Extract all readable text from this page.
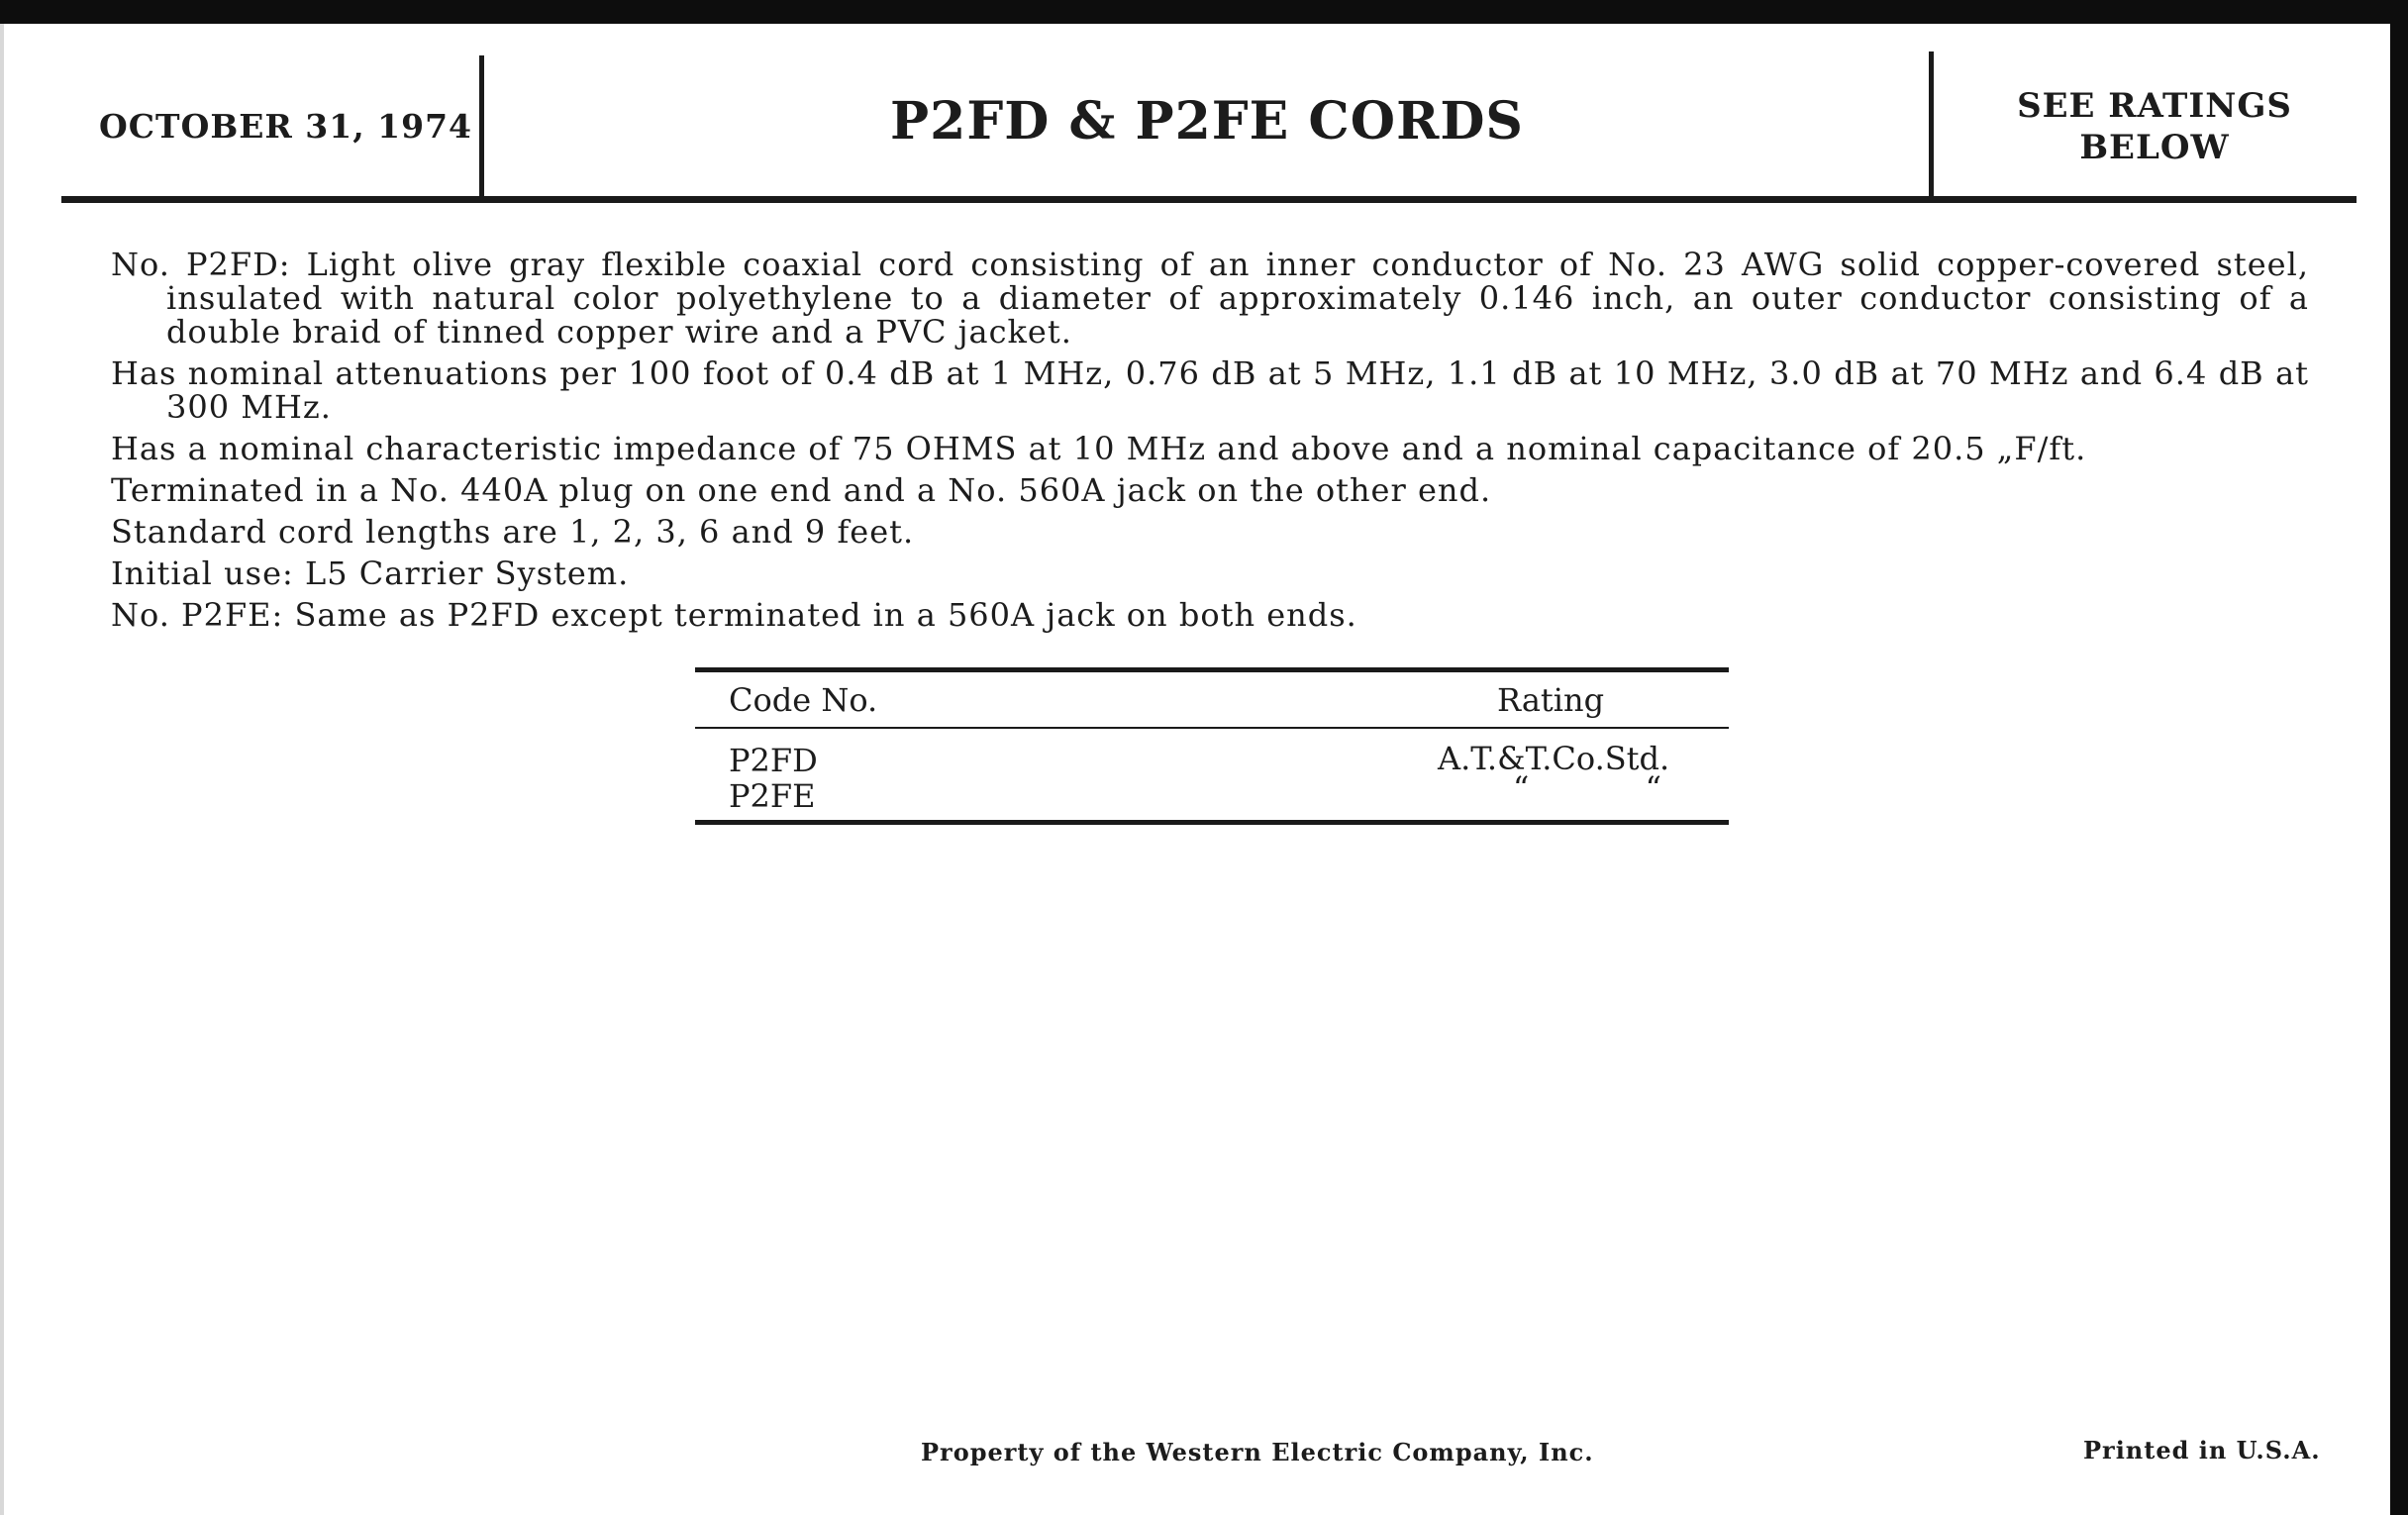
OCTOBER 31, 1974	P2FD & P2FE CORDS	SEE RATINGS
BELOW

No. P2FD: Light olive gray flexible coaxial cord consisting of an inner conductor of No. 23 AWG solid copper-covered steel, insulated with natural color polyethylene to a diameter of approximately 0.146 inch, an outer conductor consisting of a double braid of tinned copper wire and a PVC jacket.

Has nominal attenuations per 100 foot of 0.4 dB at 1 MHz, 0.76 dB at 5 MHz, 1.1 dB at 10 MHz, 3.0 dB at 70 MHz and 6.4 dB at 300 MHz.

Has a nominal characteristic impedance of 75 OHMS at 10 MHz and above and a nominal capacitance of 20.5 „F/ft.

Terminated in a No. 440A plug on one end and a No. 560A jack on the other end.

Standard cord lengths are 1, 2, 3, 6 and 9 feet.

Initial use: L5 Carrier System.

No. P2FE: Same as P2FD except terminated in a 560A jack on both ends.

Code No.	Rating
P2FD	A.T.&T.Co.Std.
P2FE	“	“
Property of the Western Electric Company, Inc.	Printed in U.S.A.
